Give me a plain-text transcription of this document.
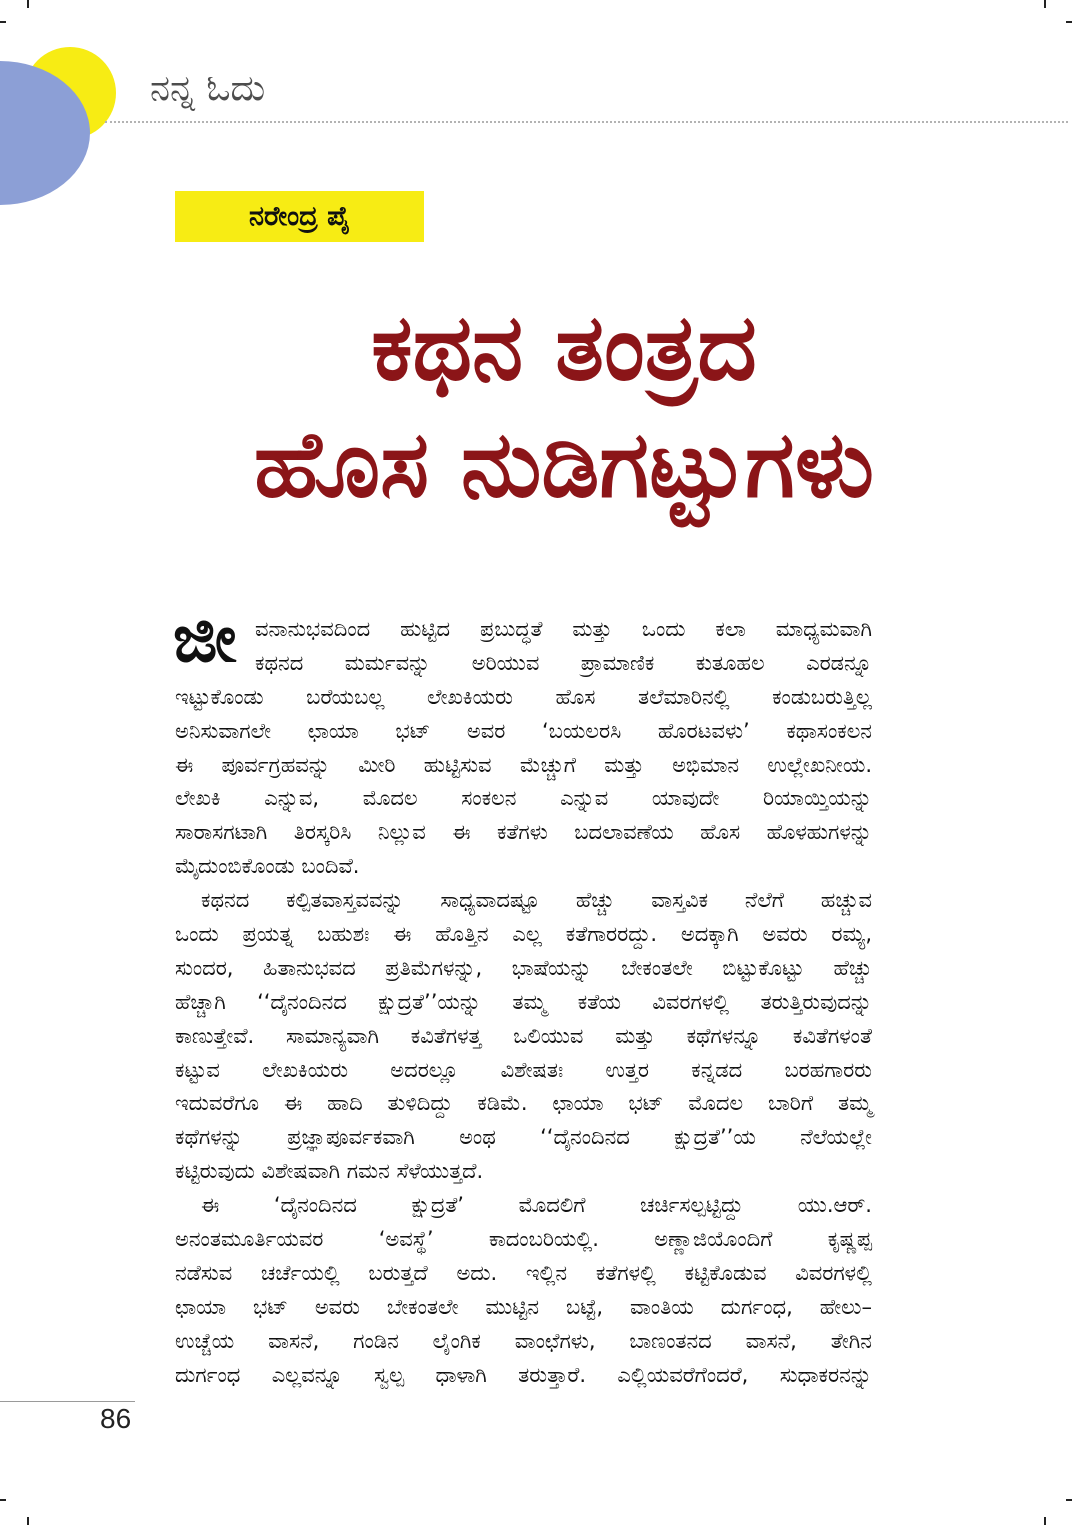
ನನ್ನ ಓದು
ನರೇಂದ್ರ ಪೈ
ಕಥನ ತಂತ್ರದ
ಹೊಸ ನುಡಿಗಟ್ಟುಗಳು
ಜೀ ವನಾನುಭವದಿಂದ ಹುಟ್ಟಿದ ಪ್ರಬುದ್ಧತೆ ಮತ್ತು ಒಂದು ಕಲಾ ಮಾಧ್ಯಮವಾಗಿ
ಕಥನದ ಮರ್ಮವನ್ನು ಅರಿಯುವ ಪ್ರಾಮಾಣಿಕ ಕುತೂಹಲ ಎರಡನ್ನೂ
ಇಟ್ಟುಕೊಂಡು ಬರೆಯಬಲ್ಲ ಲೇಖಕಿಯರು ಹೊಸ ತಲೆಮಾರಿನಲ್ಲಿ ಕಂಡುಬರುತ್ತಿಲ್ಲ
ಅನಿಸುವಾಗಲೇ ಛಾಯಾ ಭಟ್ ಅವರ ‘ಬಯಲರಸಿ ಹೊರಟವಳು’ ಕಥಾಸಂಕಲನ
ಈ ಪೂರ್ವಗ್ರಹವನ್ನು ಮೀರಿ ಹುಟ್ಟಿಸುವ ಮೆಚ್ಚುಗೆ ಮತ್ತು ಅಭಿಮಾನ ಉಲ್ಲೇಖನೀಯ.
ಲೇಖಕಿ ಎನ್ನುವ, ಮೊದಲ ಸಂಕಲನ ಎನ್ನುವ ಯಾವುದೇ ರಿಯಾಯ್ತಿಯನ್ನು
ಸಾರಾಸಗಟಾಗಿ ತಿರಸ್ಕರಿಸಿ ನಿಲ್ಲುವ ಈ ಕತೆಗಳು ಬದಲಾವಣೆಯ ಹೊಸ ಹೊಳಹುಗಳನ್ನು
ಮೈದುಂಬಿಕೊಂಡು ಬಂದಿವೆ.
ಕಥನದ ಕಲ್ಪಿತವಾಸ್ತವವನ್ನು ಸಾಧ್ಯವಾದಷ್ಟೂ ಹೆಚ್ಚು ವಾಸ್ತವಿಕ ನೆಲೆಗೆ ಹಚ್ಚುವ
ಒಂದು ಪ್ರಯತ್ನ ಬಹುಶಃ ಈ ಹೊತ್ತಿನ ಎಲ್ಲ ಕತೆಗಾರರದ್ದು. ಅದಕ್ಕಾಗಿ ಅವರು ರಮ್ಯ,
ಸುಂದರ, ಹಿತಾನುಭವದ ಪ್ರತಿಮೆಗಳನ್ನು, ಭಾಷೆಯನ್ನು ಬೇಕಂತಲೇ ಬಿಟ್ಟುಕೊಟ್ಟು ಹೆಚ್ಚು
ಹೆಚ್ಚಾಗಿ ‘‘ದೈನಂದಿನದ ಕ್ಷುದ್ರತೆ’’ಯನ್ನು ತಮ್ಮ ಕತೆಯ ವಿವರಗಳಲ್ಲಿ ತರುತ್ತಿರುವುದನ್ನು
ಕಾಣುತ್ತೇವೆ. ಸಾಮಾನ್ಯವಾಗಿ ಕವಿತೆಗಳತ್ತ ಒಲಿಯುವ ಮತ್ತು ಕಥೆಗಳನ್ನೂ ಕವಿತೆಗಳಂತೆ
ಕಟ್ಟುವ ಲೇಖಕಿಯರು ಅದರಲ್ಲೂ ವಿಶೇಷತಃ ಉತ್ತರ ಕನ್ನಡದ ಬರಹಗಾರರು
ಇದುವರೆಗೂ ಈ ಹಾದಿ ತುಳಿದಿದ್ದು ಕಡಿಮೆ. ಛಾಯಾ ಭಟ್ ಮೊದಲ ಬಾರಿಗೆ ತಮ್ಮ
ಕಥೆಗಳನ್ನು ಪ್ರಜ್ಞಾಪೂರ್ವಕವಾಗಿ ಅಂಥ ‘‘ದೈನಂದಿನದ ಕ್ಷುದ್ರತೆ’’ಯ ನೆಲೆಯಲ್ಲೇ
ಕಟ್ಟಿರುವುದು ವಿಶೇಷವಾಗಿ ಗಮನ ಸೆಳೆಯುತ್ತದೆ.
ಈ	‘ದೈನಂದಿನದ	ಕ್ಷುದ್ರತೆ’	ಮೊದಲಿಗೆ	ಚರ್ಚಿಸಲ್ಪಟ್ಟಿದ್ದು	ಯು.ಆರ್.
ಅನಂತಮೂರ್ತಿಯವರ	‘ಅವಸ್ಥೆ’	ಕಾದಂಬರಿಯಲ್ಲಿ.	ಅಣ್ಣಾಜಿಯೊಂದಿಗೆ	ಕೃಷ್ಣಪ್ಪ
ನಡೆಸುವ ಚರ್ಚೆಯಲ್ಲಿ ಬರುತ್ತದೆ ಅದು. ಇಲ್ಲಿನ ಕತೆಗಳಲ್ಲಿ ಕಟ್ಟಿಕೊಡುವ ವಿವರಗಳಲ್ಲಿ
ಛಾಯಾ ಭಟ್ ಅವರು ಬೇಕಂತಲೇ ಮುಟ್ಟಿನ ಬಟ್ಟೆ, ವಾಂತಿಯ ದುರ್ಗಂಧ, ಹೇಲು–
ಉಚ್ಚೆಯ ವಾಸನೆ, ಗಂಡಿನ ಲೈಂಗಿಕ ವಾಂಛೆಗಳು, ಬಾಣಂತನದ ವಾಸನೆ, ತೇಗಿನ
ದುರ್ಗಂಧ ಎಲ್ಲವನ್ನೂ ಸ್ವಲ್ಪ ಧಾಳಾಗಿ ತರುತ್ತಾರೆ. ಎಲ್ಲಿಯವರೆಗೆಂದರೆ, ಸುಧಾಕರನನ್ನು
86
